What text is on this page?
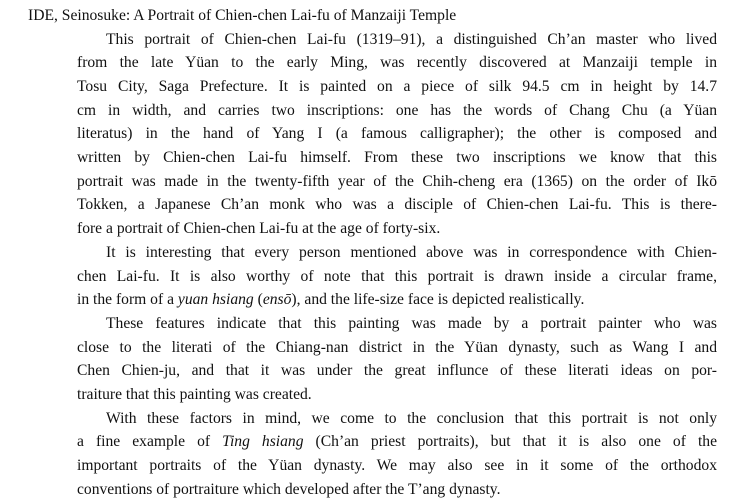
IDE, Seinosuke: A Portrait of Chien-chen Lai-fu of Manzaiji Temple

This portrait of Chien-chen Lai-fu (1319–91), a distinguished Ch’an master who lived

from the late Yüan to the early Ming, was recently discovered at Manzaiji temple in

Tosu City, Saga Prefecture. It is painted on a piece of silk 94.5 cm in height by 14.7

cm in width, and carries two inscriptions: one has the words of Chang Chu (a Yüan

literatus) in the hand of Yang I (a famous calligrapher); the other is composed and

written by Chien-chen Lai-fu himself. From these two inscriptions we know that this

portrait was made in the twenty-fifth year of the Chih-cheng era (1365) on the order of Ikō

Tokken, a Japanese Ch’an monk who was a disciple of Chien-chen Lai-fu. This is there-

fore a portrait of Chien-chen Lai-fu at the age of forty-six.

It is interesting that every person mentioned above was in correspondence with Chien-

chen Lai-fu. It is also worthy of note that this portrait is drawn inside a circular frame,

in the form of a yuan hsiang (ensō), and the life-size face is depicted realistically.

These features indicate that this painting was made by a portrait painter who was

close to the literati of the Chiang-nan district in the Yüan dynasty, such as Wang I and

Chen Chien-ju, and that it was under the great influnce of these literati ideas on por-

traiture that this painting was created.

With these factors in mind, we come to the conclusion that this portrait is not only

a fine example of Ting hsiang (Ch’an priest portraits), but that it is also one of the

important portraits of the Yüan dynasty. We may also see in it some of the orthodox

conventions of portraiture which developed after the T’ang dynasty.
